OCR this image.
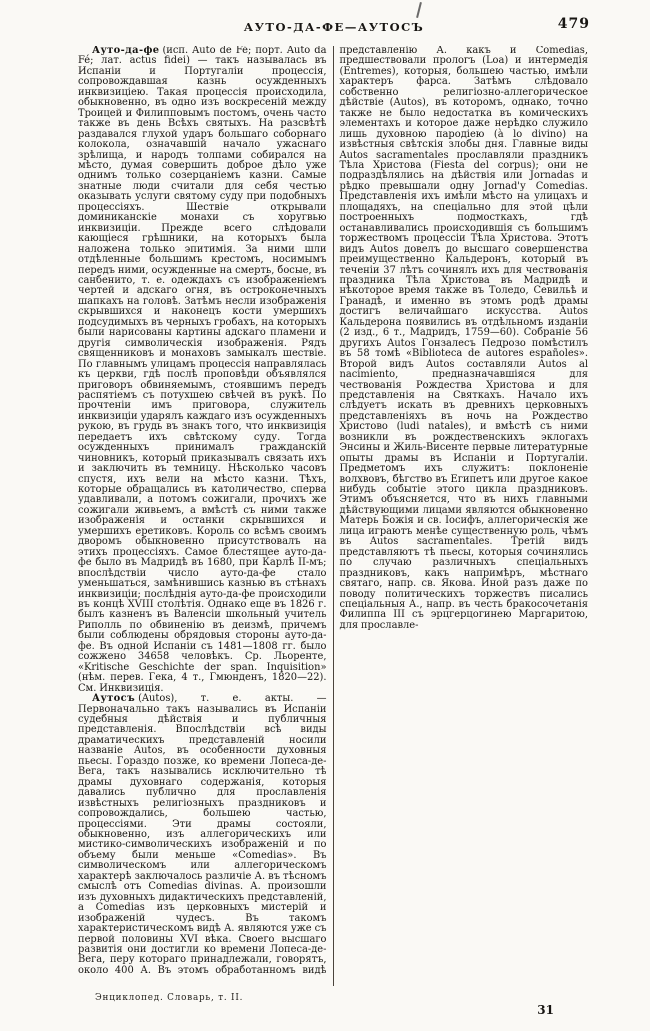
АУТО-ДА-ФЕ—АУТОСЪ	479

Ауто-да-фе (исп. Auto de Fé; порт. Auto da Fé; лат. actus fidei) — такъ называлась въ Испаніи и Португаліи процессія, сопровождавшая казнь осужденныхъ инквизиціею. Такая процессія происходила, обыкновенно, въ одно изъ воскресеній между Троицей и Филипповымъ постомъ, очень часто также въ день Всѣхъ святыхъ. На разсвѣтѣ раздавался глухой ударъ большаго соборнаго колокола, означавшій начало ужаснаго зрѣлища, и народъ толпами собирался на мѣсто, думая совершить доброе дѣло уже однимъ только созерцаніемъ казни. Самые знатные люди считали для себя честью оказывать услуги святому суду при подобныхъ процессіяхъ. Шествіе открывали доминиканскіе монахи съ хоругвью инквизиціи. Прежде всего слѣдовали кающіеся грѣшники, на которыхъ была наложена только эпитимія. За ними шли отдѣленные большимъ крестомъ, носимымъ передъ ними, осужденные на смерть, босые, въ санбенито, т. е. одеждахъ съ изображеніемъ чертей и адскаго огня, въ остроконечныхъ шапкахъ на головѣ. Затѣмъ несли изображенія скрывшихся и наконецъ кости умершихъ подсудимыхъ въ черныхъ гробахъ, на которыхъ были нарисованы картины адскаго пламени и другія символическія изображенія. Рядъ священниковъ и монаховъ замыкалъ шествіе. По главнымъ улицамъ процессія направлялась къ церкви, гдѣ послѣ проповѣди объявлялся приговоръ обвиняемымъ, стоявшимъ передъ распятіемъ съ потухшею свѣчей въ рукѣ. По прочтеніи имъ приговора, служитель инквизиціи ударялъ каждаго изъ осужденныхъ рукою, въ грудь въ знакъ того, что инквизиція передаетъ ихъ свѣтскому суду. Тогда осужденныхъ принималъ гражданскій чиновникъ, который приказывалъ связать ихъ и заключить въ темницу. Нѣсколько часовъ спустя, ихъ вели на мѣсто казни. Тѣхъ, которые обращались въ католичество, сперва удавливали, а потомъ сожигали, прочихъ же сожигали живьемъ, а вмѣстѣ съ ними также изображенія и останки скрывшихся и умершихъ еретиковъ. Король со всѣмъ своимъ дворомъ обыкновенно присутствовалъ на этихъ процессіяхъ. Самое блестящее ауто-да-фе было въ Мадридѣ въ 1680, при Карлѣ II-мъ; впослѣдствіи число ауто-да-фе стало уменьшаться, замѣнившись казнью въ стѣнахъ инквизиціи; послѣднія ауто-да-фе происходили въ концѣ XVIII столѣтія. Однако еще въ 1826 г. былъ казненъ въ Валенсіи школьный учитель Риполль по обвиненію въ деизмѣ, причемъ были соблюдены обрядовыя стороны ауто-да-фе. Въ одной Испаніи съ 1481—1808 гг. было сожжено 34658 человѣкъ. Ср. Льоренте, «Kritische Geschichte der span. Inquisition» (нѣм. перев. Гека, 4 т., Гмюнденъ, 1820—22). См. Инквизиція.

Аутосъ (Autos), т. е. акты. — Первоначально такъ назывались въ Испаніи судебныя дѣйствія и публичныя представленія. Впослѣдствіи всѣ виды драматическихъ представленій носили названіе Autos, въ особенности духовныя пьесы. Гораздо позже, ко времени Лопеса-де-Вега, такъ назывались исключительно тѣ драмы духовнаго содержанія, которыя давались публично для прославленія извѣстныхъ религіозныхъ праздниковъ и сопровождались, большею частью, процессіями. Эти драмы состояли, обыкновенно, изъ аллегорическихъ или мистико-символическихъ изображеній и по объему были меньше «Comedias». Въ символическомъ или аллегорическомъ характерѣ заключалось различіе А. въ тѣсномъ смыслѣ отъ Comedias divinas. А. произошли изъ духовныхъ дидактическихъ представленій, а Comedias изъ церковныхъ мистерій и изображеній чудесъ. Въ такомъ характеристическомъ видѣ А. являются уже съ первой половины XVI вѣка. Своего высшаго развитія они достигли ко времени Лопеса-де-Вега, перу котораго принадлежали, говорятъ, около 400 А. Въ этомъ обработанномъ видѣ представленію А. какъ и Comedias, предшествовали прологъ (Loa) и интермедія (Entremes), которыя, большею частью, имѣли характеръ фарса. Затѣмъ слѣдовало собственно религіозно-аллегорическое дѣйствіе (Autos), въ которомъ, однако, точно также не было недостатка въ комическихъ элементахъ и которое даже нерѣдко служило лишь духовною пародіею (à lo divino) на извѣстныя свѣтскія злобы дня. Главные виды Autos sacramentales прославляли праздникъ Тѣла Христова (Fiesta del corpus); они не подраздѣлялись на дѣйствія или Jornadas и рѣдко превышали одну Jornad'у Comedias. Представленія ихъ имѣли мѣсто на улицахъ и площадяхъ, на спеціально для этой цѣли построенныхъ подмосткахъ, гдѣ останавливались происходившія съ большимъ торжествомъ процессіи Тѣла Христова. Этотъ видъ Autos довелъ до высшаго совершенства преимущественно Кальдеронъ, который въ теченіи 37 лѣтъ сочинялъ ихъ для чествованія праздника Тѣла Христова въ Мадридѣ и нѣкоторое время также въ Толедо, Севильѣ и Гранадѣ, и именно въ этомъ родѣ драмы достигъ величайшаго искусства. Autos Кальдерона появились въ отдѣльномъ изданіи (2 изд., 6 т., Мадридъ, 1759—60). Собраніе 56 другихъ Autos Гонзалесъ Педрозо помѣстилъ въ 58 томѣ «Biblioteca de autores españoles». Второй видъ Autos составляли Autos al nacimiento, предназначавшіяся для чествованія Рождества Христова и для представленія на Святкахъ. Начало ихъ слѣдуетъ искать въ древнихъ церковныхъ представленіяхъ въ ночь на Рождество Христово (ludi natales), и вмѣстѣ съ ними возникли въ рождественскихъ эклогахъ Энсины и Жиль-Висенте первые литературные опыты драмы въ Испаніи и Португаліи. Предметомъ ихъ служитъ: поклоненіе волхвовъ, бѣгство въ Египетъ или другое какое нибудь событіе этого цикла праздниковъ. Этимъ объясняется, что въ нихъ главными дѣйствующими лицами являются обыкновенно Матерь Божія и св. Іосифъ, аллегорическія же лица играютъ менѣе существенную роль, чѣмъ въ Autos sacramentales. Третій видъ представляютъ тѣ пьесы, которыя сочинялись по случаю различныхъ спеціальныхъ праздниковъ, какъ напримѣръ, мѣстнаго святаго, напр. св. Якова. Иной разъ даже по поводу политическихъ торжествъ писались спеціальныя А., напр. въ честь бракосочетанія Филиппа III съ эрцгерцогинею Маргаритою, для прославле-

Энциклопед. Словарь, т. II.
31
